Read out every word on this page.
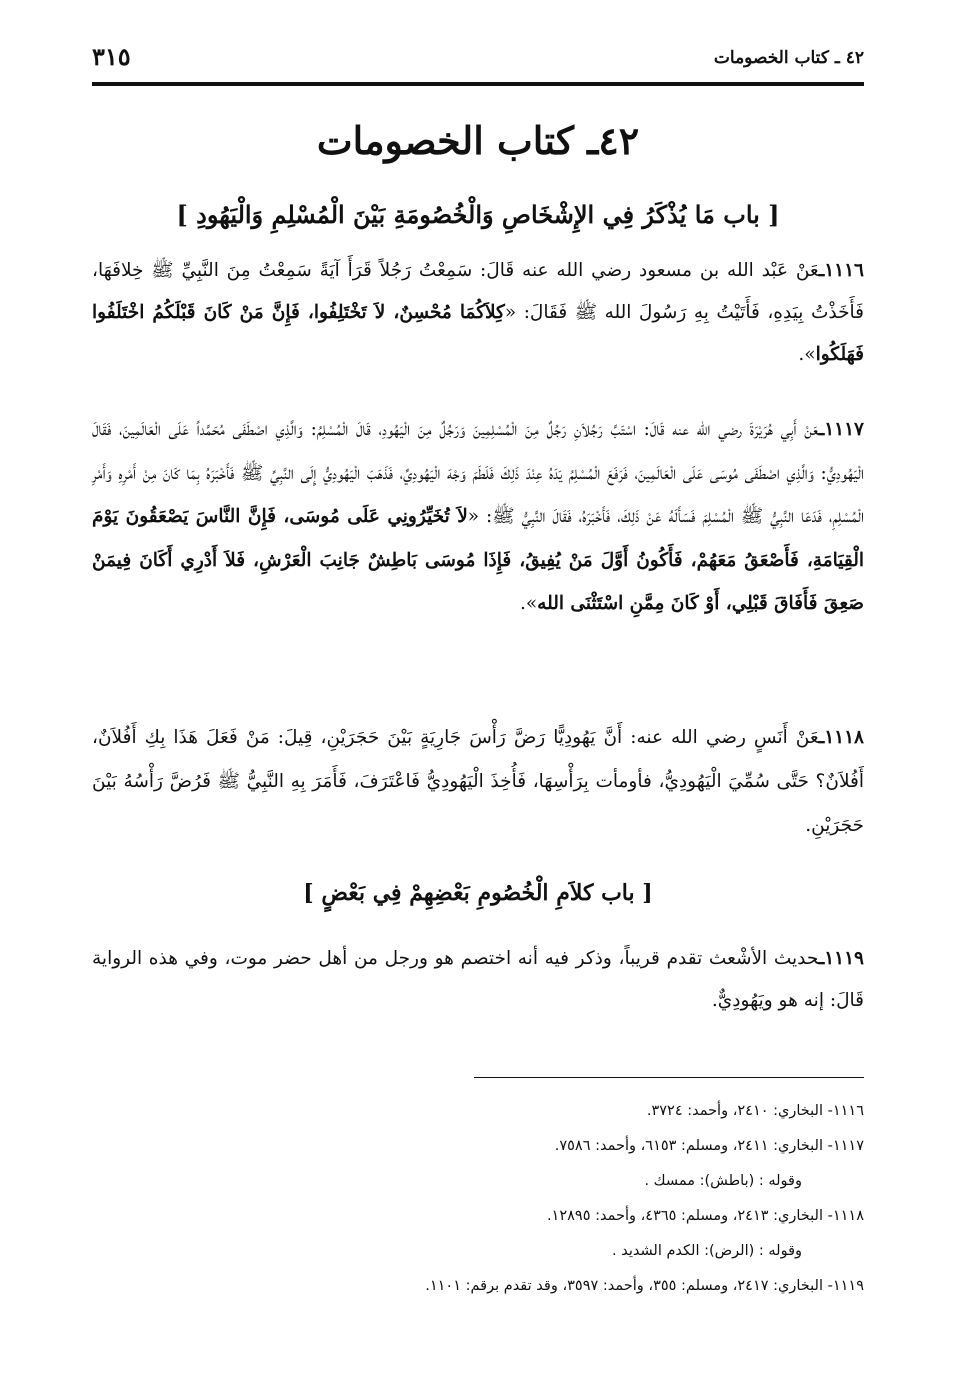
٤٢ ـ كتاب الخصومات
٣١٥
٤٢ـ كتاب الخصومات
[ باب مَا يُذْكَرُ فِي الإِشْخَاصِ وَالْخُصُومَةِ بَيْنَ الْمُسْلِمِ وَالْيَهُودِ ]

١١١٦ـعَنْ عَبْد الله بن مسعود رضي الله عنه قَالَ: سَمِعْتُ رَجُلاً قَرَأَ آيَةً سَمِعْتُ مِنَ النَّبِيِّ ﷺ خِلافَهَا، فَأَخَذْتُ بِيَدِهِ، فَأَتَيْتُ بِهِ رَسُولَ الله ﷺ فَقَالَ: «كِلاَكُمَا مُحْسِنٌ، لاَ تَخْتَلِفُوا، فَإِنَّ مَنْ كَانَ قَبْلَكُمُ اخْتَلَفُوا فَهَلَكُوا».

١١١٧ـعَنْ أَبِي هُرَيْرَةَ رضي الله عنه قَالَ: اسْتَبَّ رَجُلاَنِ رَجُلٌ مِنَ الْمُسْلِمِينَ وَرَجُلٌ مِنَ الْيَهُودِ، قَالَ الْمُسْلِمُ: وَالَّذِي اصْطَفَى مُحَمَّداً عَلَى الْعَالَمِينَ، فَقَالَ الْيَهُودِيُّ: وَالَّذِي اصْطَفَى مُوسَى عَلَى الْعَالَمِينَ، فَرَفَعَ الْمُسْلِمُ يَدَهُ عِنْدَ ذَلِكَ فَلَطَمَ وَجْهَ الْيَهُودِيِّ، فَذَهَبَ الْيَهُودِيُّ إِلَى النَّبِيِّ ﷺ فَأَخْبَرَهُ بِمَا كَانَ مِنْ أَمْرِهِ وَأَمْرِ الْمُسْلِمِ، فَدَعَا النَّبِيُّ ﷺ الْمُسْلِمَ فَسَأَلَهُ عَنْ ذَلِكَ، فَأَخْبَرَهُ، فَقَالَ النَّبِيُّ ﷺ: «لاَ تُخَيِّرُونِي عَلَى مُوسَى، فَإِنَّ النَّاسَ يَصْعَقُونَ يَوْمَ الْقِيَامَةِ، فَأَصْعَقُ مَعَهُمْ، فَأَكُونُ أَوَّلَ مَنْ يُفِيقُ، فَإِذَا مُوسَى بَاطِشٌ جَانِبَ الْعَرْشِ، فَلاَ أَدْرِي أَكَانَ فِيمَنْ صَعِقَ فَأَفَاقَ قَبْلِي، أَوْ كَانَ مِمَّنِ اسْتَثْنَى الله».

١١١٨ـعَنْ أَنَسٍ رضي الله عنه: أَنَّ يَهُودِيًّا رَضَّ رَأْسَ جَارِيَةٍ بَيْنَ حَجَرَيْنِ، قِيلَ: مَنْ فَعَلَ هَذَا بِكِ أَفُلاَنٌ، أَفُلاَنٌ؟ حَتَّى سُمِّيَ الْيَهُودِيُّ، فأومأت بِرَأْسِهَا، فَأُخِذَ الْيَهُودِيُّ فَاعْتَرَفَ، فَأَمَرَ بِهِ النَّبِيُّ ﷺ فَرُضَّ رَأْسُهُ بَيْنَ حَجَرَيْنِ.

[ باب كلاَمِ الْخُصُومِ بَعْضِهِمْ فِي بَعْضٍ ]

١١١٩ـحديث الأشْعث تقدم قريباً، وذكر فيه أنه اختصم هو ورجل من أهل حضر موت، وفي هذه الرواية قَالَ: إنه هو ويَهُودِيٌّ.

١١١٦- البخاري: ٢٤١٠، وأحمد: ٣٧٢٤.
١١١٧- البخاري: ٢٤١١، ومسلم: ٦١٥٣، وأحمد: ٧٥٨٦.
وقوله : (باطش): ممسك .
١١١٨- البخاري: ٢٤١٣، ومسلم: ٤٣٦٥، وأحمد: ١٢٨٩٥.
وقوله : (الرض): الكدم الشديد .
١١١٩- البخاري: ٢٤١٧، ومسلم: ٣٥٥، وأحمد: ٣٥٩٧، وقد تقدم برقم: ١١٠١.
